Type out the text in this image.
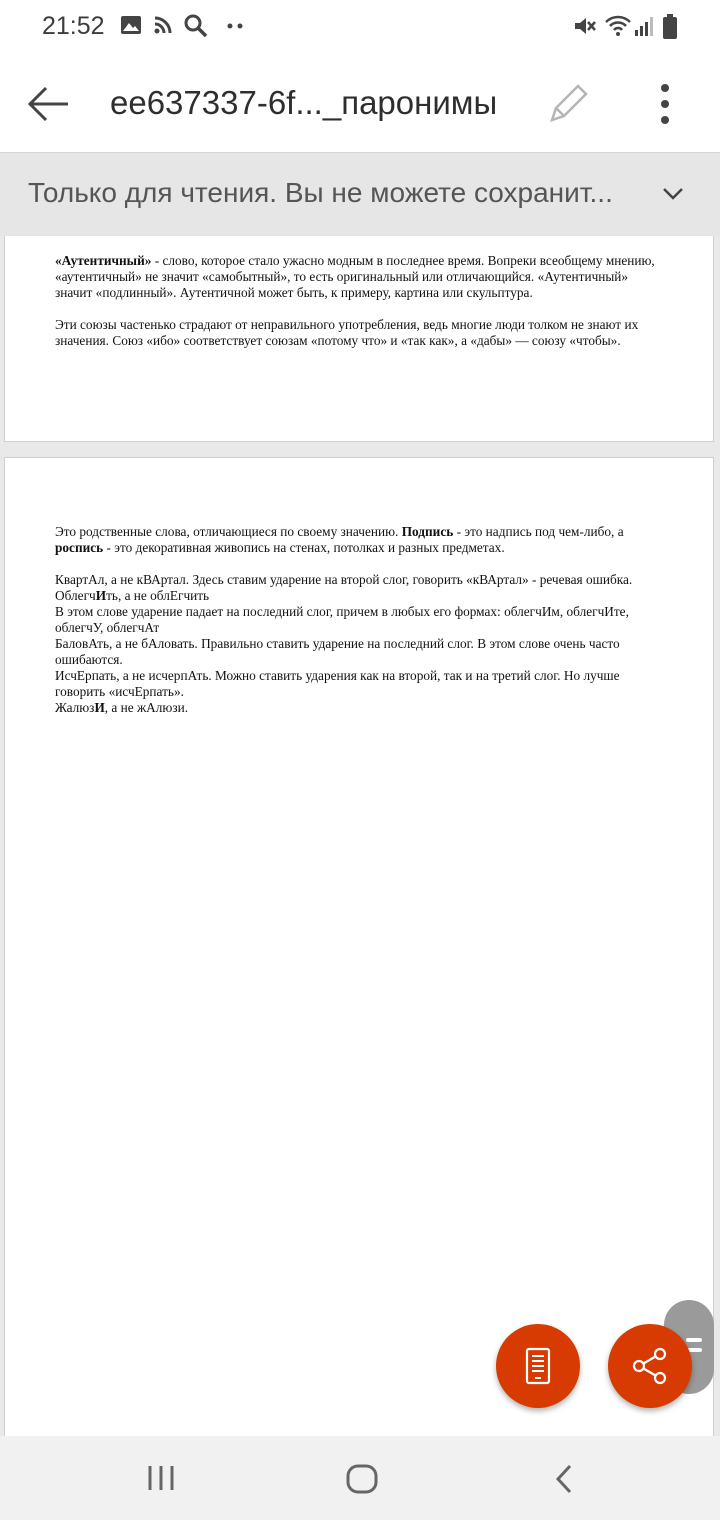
21:52
ee637337-6f..._паронимы
Только для чтения. Вы не можете сохранит...

«Аутентичный» - слово, которое стало ужасно модным в последнее время. Вопреки всеобщему мнению, «аутентичный» не значит «самобытный», то есть оригинальный или отличающийся. «Аутентичный» значит «подлинный». Аутентичной может быть, к примеру, картина или скульптура.

Эти союзы частенько страдают от неправильного употребления, ведь многие люди толком не знают их значения. Союз «ибо» соответствует союзам «потому что» и «так как», а «дабы» — союзу «чтобы».

Это родственные слова, отличающиеся по своему значению. Подпись - это надпись под чем-либо, а роспись - это декоративная живопись на стенах, потолках и разных предметах.

КвартАл, а не кВАртал. Здесь ставим ударение на второй слог, говорить «кВАртал» - речевая ошибка.

ОблегчИть, а не облЕгчить

В этом слове ударение падает на последний слог, причем в любых его формах: облегчИм, облегчИте, облегчУ, облегчАт

БаловАть, а не бАловать. Правильно ставить ударение на последний слог. В этом слове очень часто ошибаются.

ИсчЕрпать, а не исчерпАть. Можно ставить ударения как на второй, так и на третий слог. Но лучше говорить «исчЕрпать».

ЖалюзИ, а не жАлюзи.
